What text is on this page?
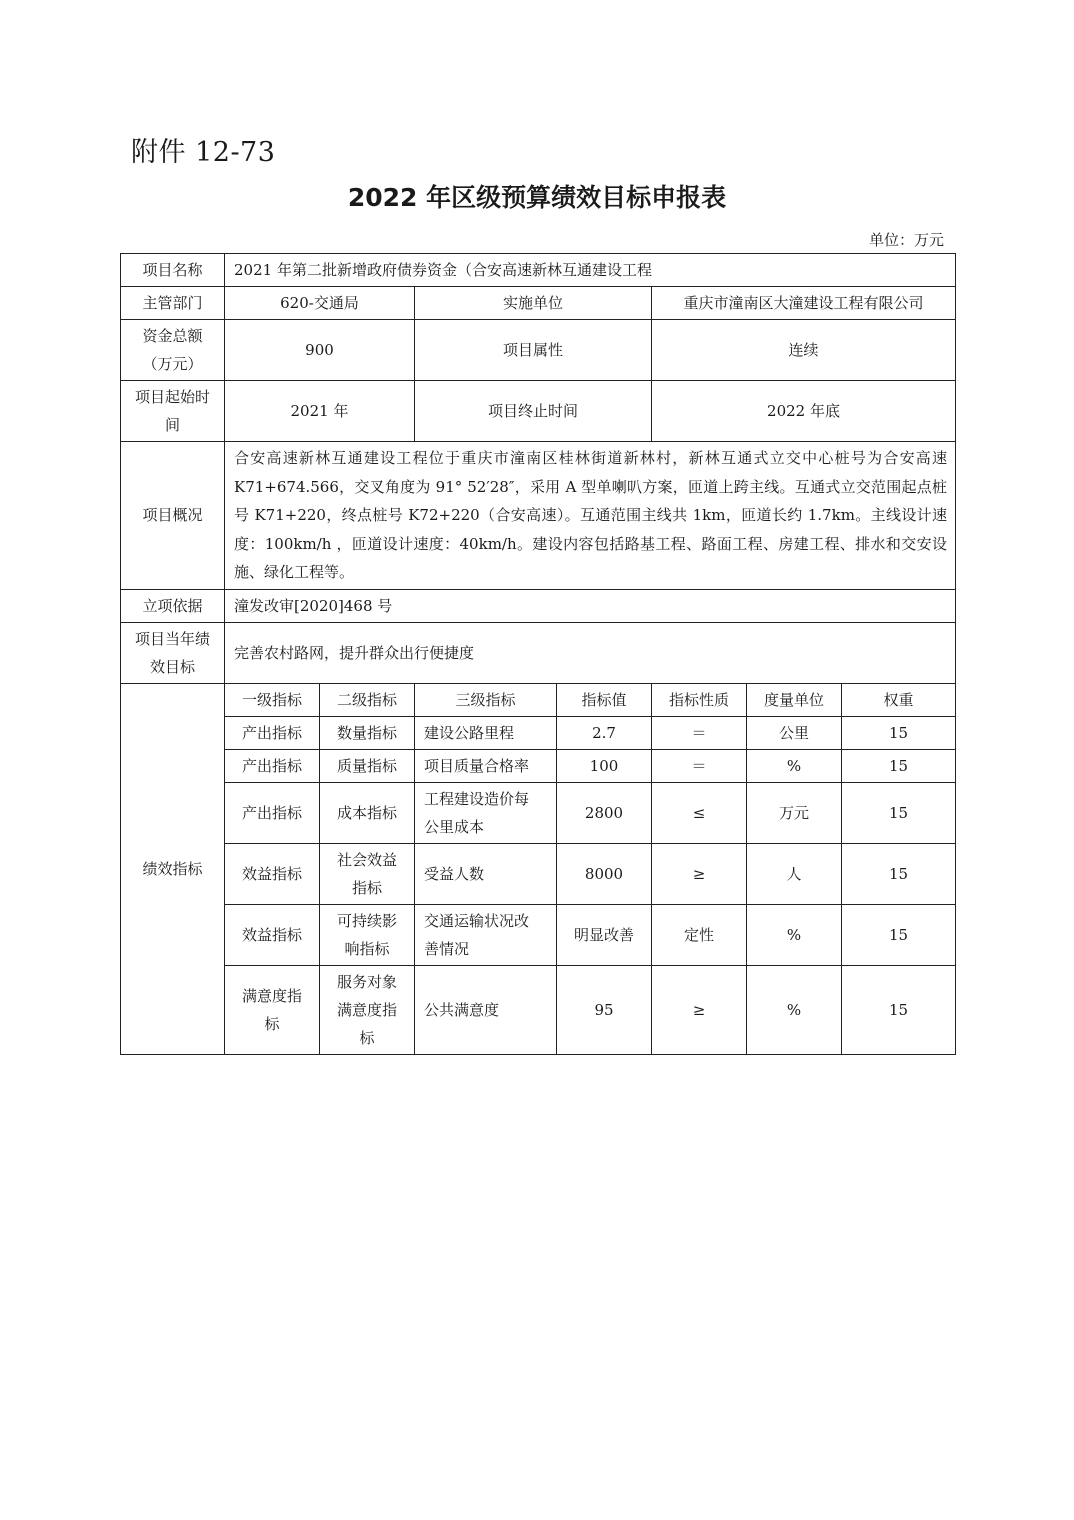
附件 12-73
2022 年区级预算绩效目标申报表
单位：万元
项目名称	2021 年第二批新增政府债券资金（合安高速新林互通建设工程						
主管部门	620-交通局		实施单位		重庆市潼南区大潼建设工程有限公司		
资金总额
（万元）	900		项目属性		连续		
项目起始时
间	2021 年		项目终止时间		2022 年底		
项目概况	合安高速新林互通建设工程位于重庆市潼南区桂林街道新林村，新林互通式立交中心桩号为合安高速 K71+674.566，交叉角度为 91° 52′28″，采用 A 型单喇叭方案，匝道上跨主线。互通式立交范围起点桩号 K71+220，终点桩号 K72+220（合安高速）。互通范围主线共 1km，匝道长约 1.7km。主线设计速度：100km/h ，匝道设计速度：40km/h。建设内容包括路基工程、路面工程、房建工程、排水和交安设施、绿化工程等。						
立项依据	潼发改审[2020]468 号						
项目当年绩
效目标	完善农村路网，提升群众出行便捷度						
绩效指标	一级指标	二级指标	三级指标	指标值	指标性质	度量单位	权重
	产出指标	数量指标	建设公路里程	2.7	＝	公里	15
	产出指标	质量指标	项目质量合格率	100	＝	%	15
	产出指标	成本指标	工程建设造价每
公里成本	2800	≤	万元	15
	效益指标	社会效益
指标	受益人数	8000	≥	人	15
	效益指标	可持续影
响指标	交通运输状况改
善情况	明显改善	定性	%	15
	满意度指
标	服务对象
满意度指
标	公共满意度	95	≥	%	15
